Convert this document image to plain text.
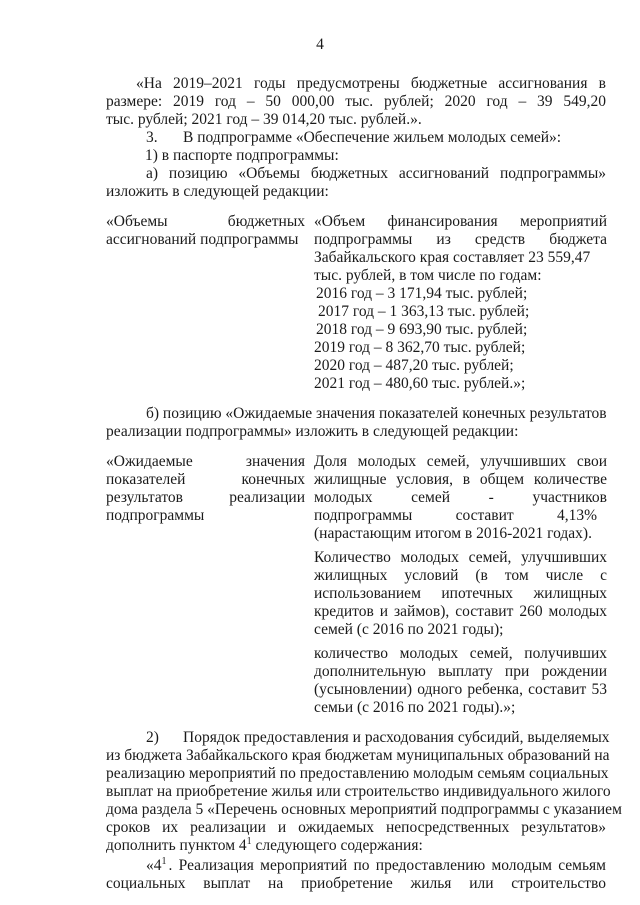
4
«На 2019–2021 годы предусмотрены бюджетные ассигнования в
размере: 2019 год – 50 000,00 тыс. рублей; 2020 год – 39 549,20
тыс. рублей; 2021 год – 39 014,20 тыс. рублей.».
3. В подпрограмме «Обеспечение жильем молодых семей»:
1) в паспорте подпрограммы:
а) позицию «Объемы бюджетных ассигнований подпрограммы»
изложить в следующей редакции:
«Объемы бюджетных
ассигнований подпрограммы
«Объем финансирования мероприятий
подпрограммы из средств бюджета
Забайкальского края составляет 23 559,47
тыс. рублей, в том числе по годам:
2016 год – 3 171,94 тыс. рублей;
2017 год – 1 363,13 тыс. рублей;
2018 год – 9 693,90 тыс. рублей;
2019 год – 8 362,70 тыс. рублей;
2020 год – 487,20 тыс. рублей;
2021 год – 480,60 тыс. рублей.»;
б) позицию «Ожидаемые значения показателей конечных результатов
реализации подпрограммы» изложить в следующей редакции:
«Ожидаемые значения
показателей конечных
результатов реализации
подпрограммы
Доля молодых семей, улучшивших свои
жилищные условия, в общем количестве
молодых семей - участников
подпрограммы составит 4,13%
(нарастающим итогом в 2016-2021 годах).
Количество молодых семей, улучшивших
жилищных условий (в том числе с
использованием ипотечных жилищных
кредитов и займов), составит 260 молодых
семей (с 2016 по 2021 годы);
количество молодых семей, получивших
дополнительную выплату при рождении
(усыновлении) одного ребенка, составит 53
семьи (с 2016 по 2021 годы).»;
2) Порядок предоставления и расходования субсидий, выделяемых
из бюджета Забайкальского края бюджетам муниципальных образований на
реализацию мероприятий по предоставлению молодым семьям социальных
выплат на приобретение жилья или строительство индивидуального жилого
дома раздела 5 «Перечень основных мероприятий подпрограммы с указанием
сроков их реализации и ожидаемых непосредственных результатов»
дополнить пунктом $4^1$ следующего содержания:
«$4^1$ . Реализация мероприятий по предоставлению молодым семьям
социальных выплат на приобретение жилья или строительство
